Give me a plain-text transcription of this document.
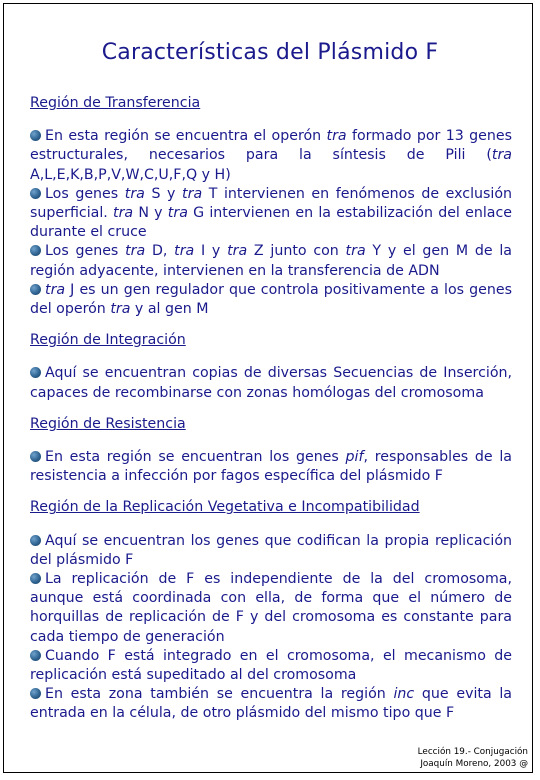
Características del Plásmido F
Región de Transferencia
En esta región se encuentra el operón tra formado por 13 genes estructurales, necesarios para la síntesis de Pili (tra A,L,E,K,B,P,V,W,C,U,F,Q y H)
Los genes tra S y tra T intervienen en fenómenos de exclusión superficial. tra N y tra G intervienen en la estabilización del enlace durante el cruce
Los genes tra D, tra I y tra Z junto con tra Y y el gen M de la región adyacente, intervienen en la transferencia de ADN
tra J es un gen regulador que controla positivamente a los genes del operón tra y al gen M
Región de Integración
Aquí se encuentran copias de diversas Secuencias de Inserción, capaces de recombinarse con zonas homólogas del cromosoma
Región de Resistencia
En esta región se encuentran los genes pif, responsables de la resistencia a infección por fagos específica del plásmido F
Región de la Replicación Vegetativa e Incompatibilidad
Aquí se encuentran los genes que codifican la propia replicación del plásmido F
La replicación de F es independiente de la del cromosoma, aunque está coordinada con ella, de forma que el número de horquillas de replicación de F y del cromosoma es constante para cada tiempo de generación
Cuando F está integrado en el cromosoma, el mecanismo de replicación está supeditado al del cromosoma
En esta zona también se encuentra la región inc que evita la entrada en la célula, de otro plásmido del mismo tipo que F
Lección 19.- Conjugación
Joaquín Moreno, 2003 @
